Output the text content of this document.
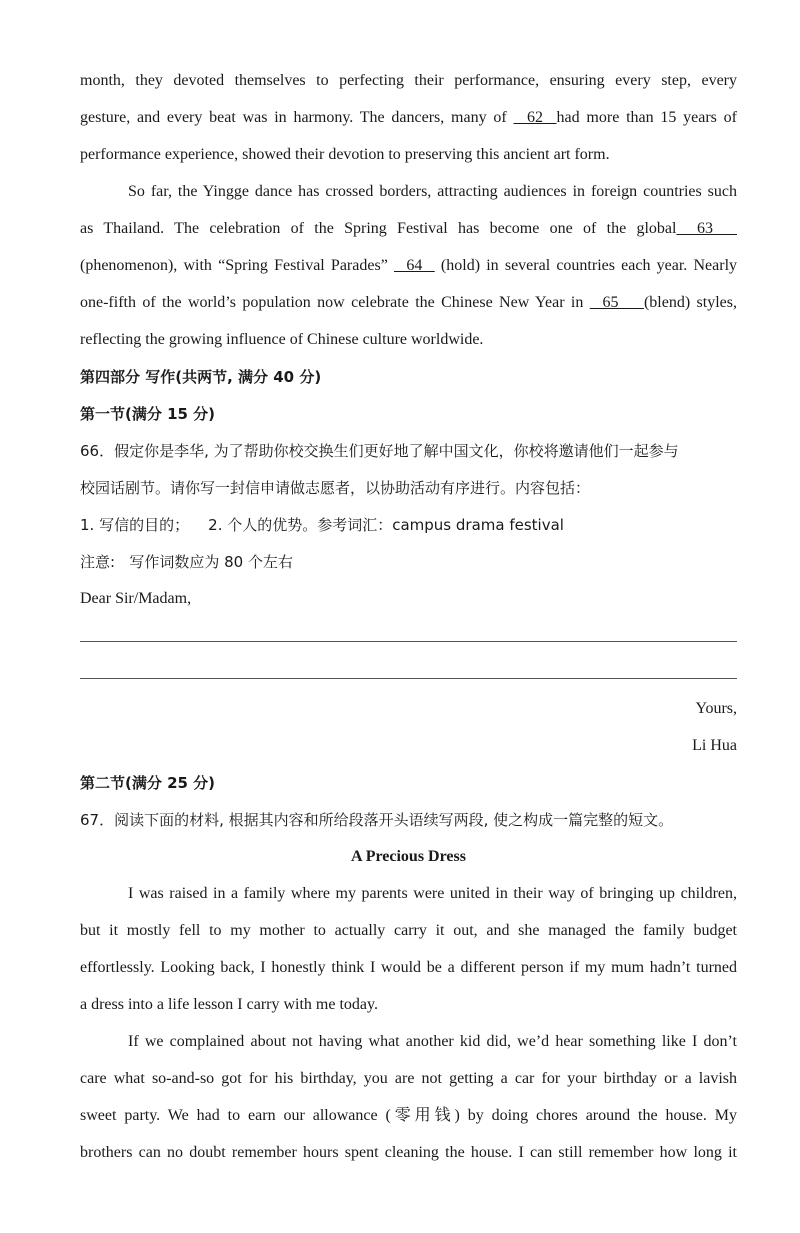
month, they devoted themselves to perfecting their performance, ensuring every step, every
gesture, and every beat was in harmony. The dancers, many of   62  had more than 15 years of
performance experience, showed their devotion to preserving this ancient art form.
So far, the Yingge dance has crossed borders, attracting audiences in foreign countries such
as Thailand. The celebration of the Spring Festival has become one of the global  63_
(phenomenon), with “Spring Festival Parades”   64   (hold) in several countries each year. Nearly
one-fifth of the world’s population now celebrate the Chinese New Year in   65    (blend) styles,
reflecting the growing influence of Chinese culture worldwide.
第四部分 写作(共两节, 满分 40 分)
第一节(满分 15 分)
66．假定你是李华, 为了帮助你校交换生们更好地了解中国文化，你校将邀请他们一起参与
校园话剧节。请你写一封信申请做志愿者，以协助活动有序进行。内容包括：
1. 写信的目的；    2. 个人的优势。参考词汇：campus drama festival
注意:   写作词数应为 80 个左右
Dear Sir/Madam,
Yours,
Li Hua
第二节(满分 25 分)
67．阅读下面的材料, 根据其内容和所给段落开头语续写两段, 使之构成一篇完整的短文。
A Precious Dress
I was raised in a family where my parents were united in their way of bringing up children,
but it mostly fell to my mother to actually carry it out, and she managed the family budget
effortlessly. Looking back, I honestly think I would be a different person if my mum hadn’t turned
a dress into a life lesson I carry with me today.
If we complained about not having what another kid did, we’d hear something like I don’t
care what so-and-so got for his birthday, you are not getting a car for your birthday or a lavish
sweet party. We had to earn our allowance (零用钱) by doing chores around the house. My
brothers can no doubt remember hours spent cleaning the house. I can still remember how long it
